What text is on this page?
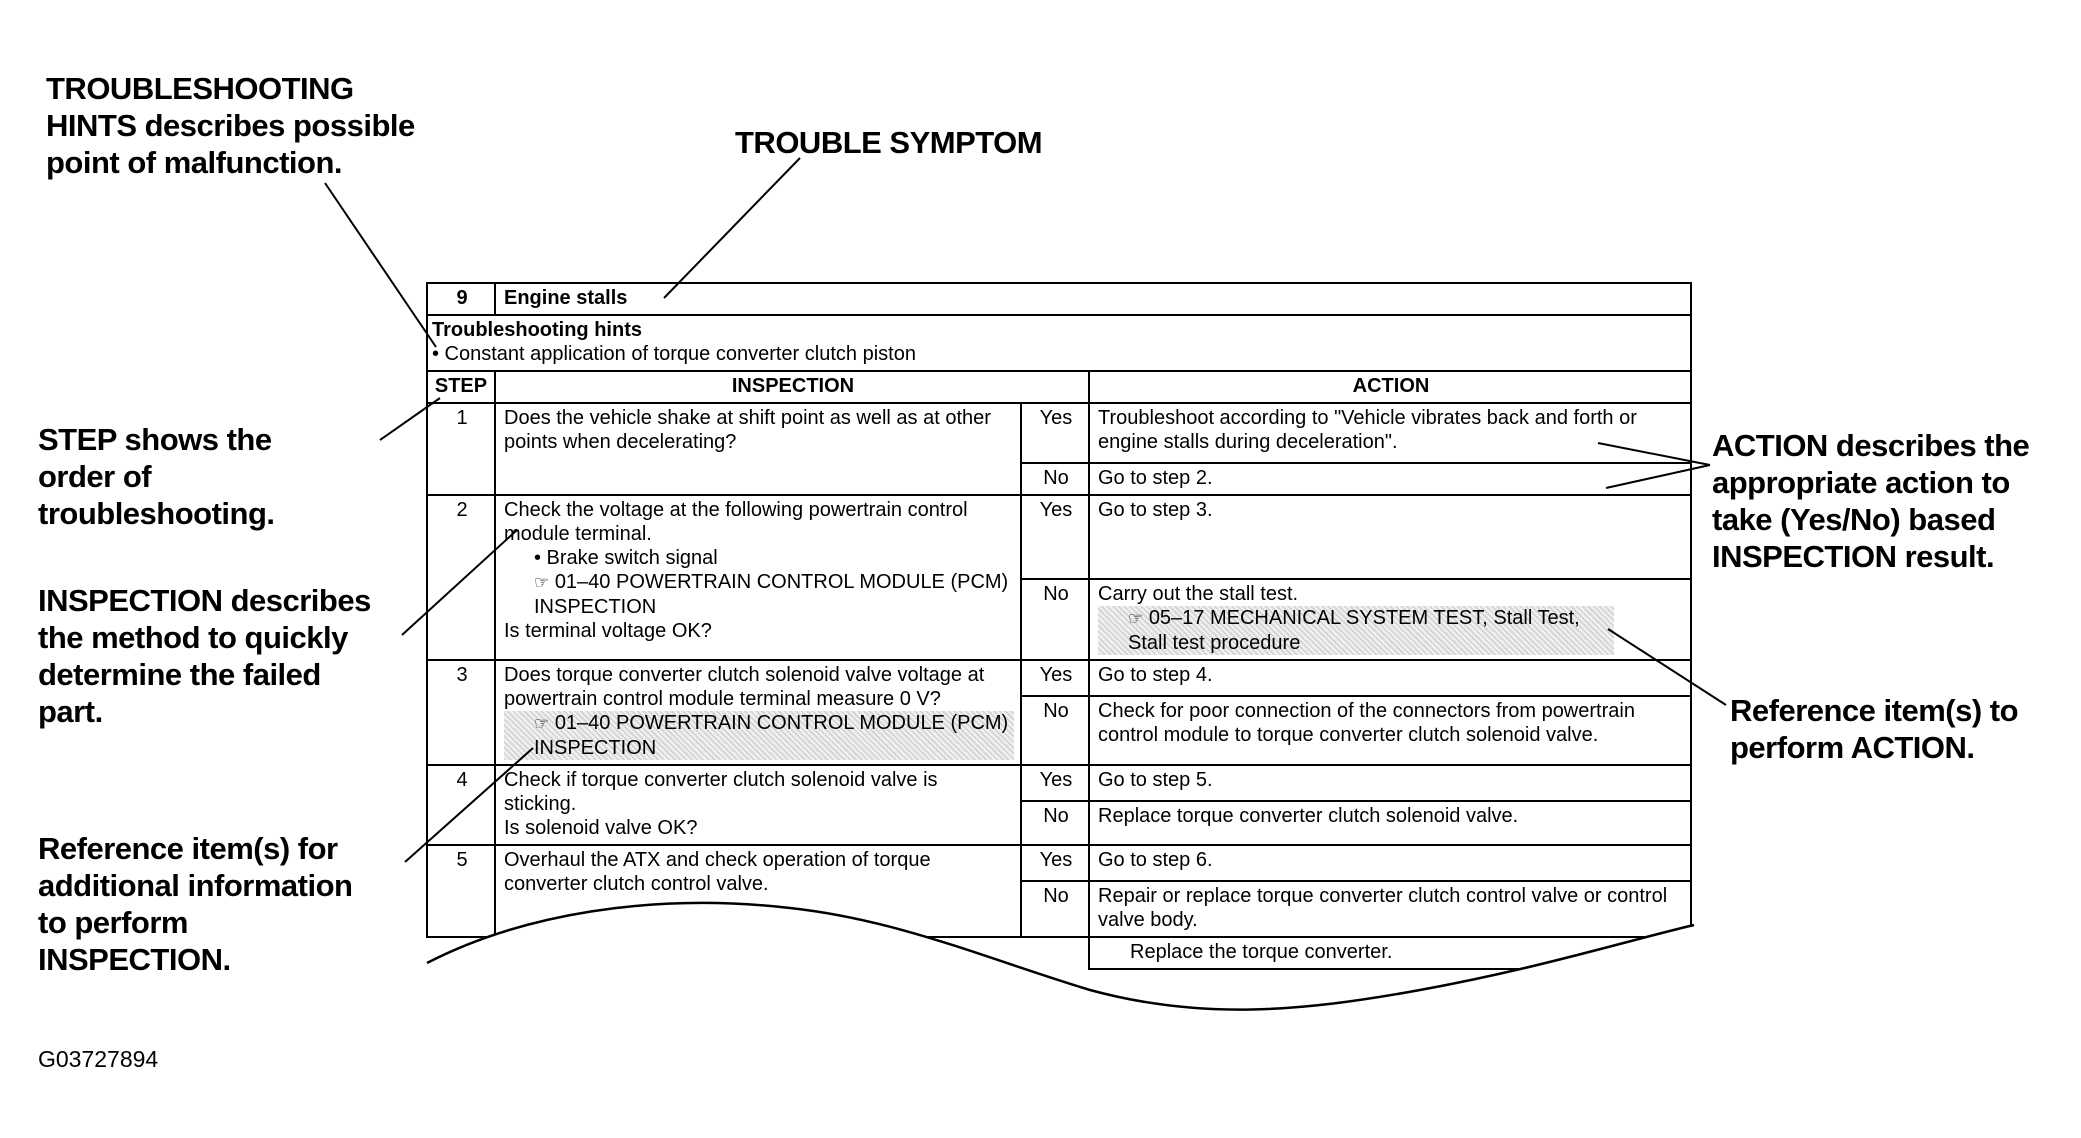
TROUBLESHOOTING
HINTS describes possible
point of malfunction.
TROUBLE SYMPTOM
STEP shows the
order of
troubleshooting.
INSPECTION describes
the method to quickly
determine the failed
part.
Reference item(s) for
additional information
to perform
INSPECTION.
ACTION describes the
appropriate action to
take (Yes/No) based
INSPECTION result.
Reference item(s) to
perform ACTION.
9	Engine stalls		

Troubleshooting hints
• Constant application of torque converter clutch piston			

STEP	INSPECTION		ACTION
1	Does the vehicle shake at shift point as well as at other points when decelerating?	Yes	Troubleshoot according to "Vehicle vibrates back and forth or engine stalls during deceleration".
		No	Go to step 2.
2	Check the voltage at the following powertrain control module terminal.
• Brake switch signal
☞ 01–40 POWERTRAIN CONTROL MODULE (PCM) INSPECTION
Is terminal voltage OK?	Yes	Go to step 3.
		No	Carry out the stall test.
☞ 05–17 MECHANICAL SYSTEM TEST, Stall Test, Stall test procedure

3	Does torque converter clutch solenoid valve voltage at powertrain control module terminal measure 0 V?
☞ 01–40 POWERTRAIN CONTROL MODULE (PCM) INSPECTION	Yes	Go to step 4.
		No	Check for poor connection of the connectors from powertrain control module to torque converter clutch solenoid valve.
4	Check if torque converter clutch solenoid valve is sticking.
Is solenoid valve OK?	Yes	Go to step 5.
		No	Replace torque converter clutch solenoid valve.
5	Overhaul the ATX and check operation of torque converter clutch control valve.	Yes	Go to step 6.
		No	Repair or replace torque converter clutch control valve or control valve body.
			Replace the torque converter.
G03727894
